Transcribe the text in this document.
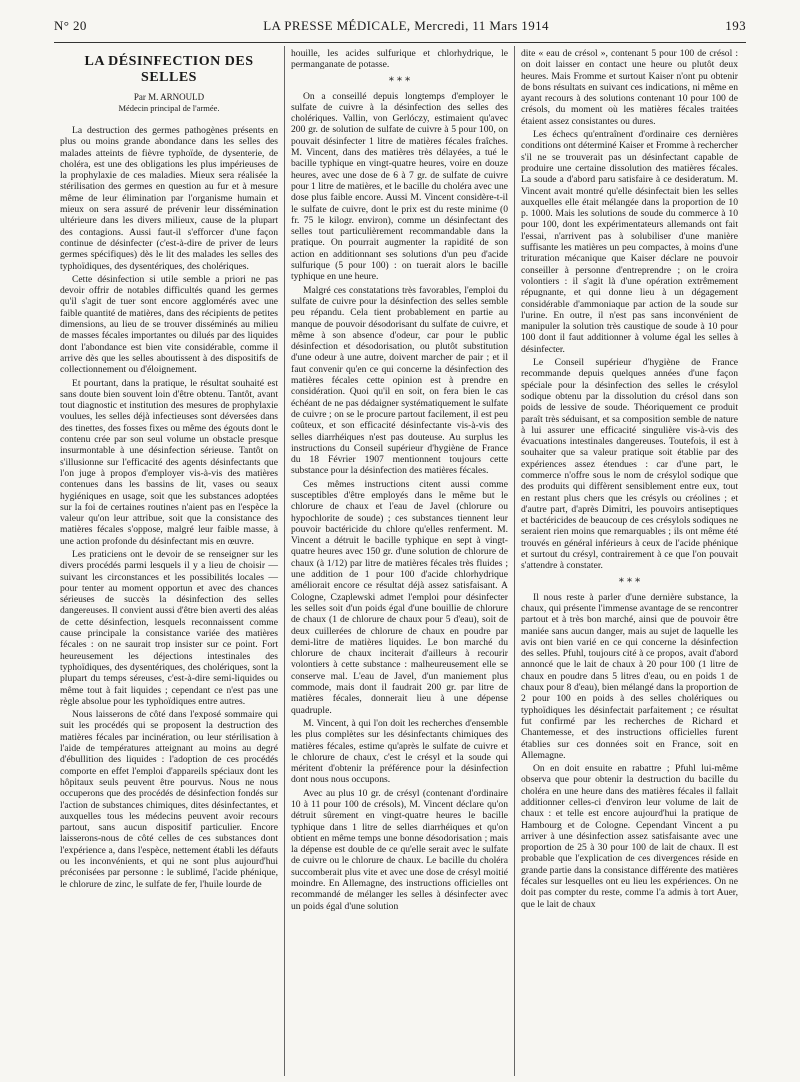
N° 20	LA PRESSE MÉDICALE, Mercredi, 11 Mars 1914	193
LA DÉSINFECTION DES SELLES
Par M. ARNOULD
Médecin principal de l'armée.

La destruction des germes pathogènes présents en plus ou moins grande abondance dans les selles des malades atteints de fièvre typhoïde, de dysenterie, de choléra, est une des obligations les plus impérieuses de la prophylaxie de ces maladies. Mieux sera réalisée la stérilisation des germes en question au fur et à mesure même de leur élimination par l'organisme humain et mieux on sera assuré de prévenir leur dissémination ultérieure dans les divers milieux, cause de la plupart des contagions. Aussi faut-il s'efforcer d'une façon continue de désinfecter (c'est-à-dire de priver de leurs germes spécifiques) dès le lit des malades les selles des typhoïdiques, des dysentériques, des cholériques.

Cette désinfection si utile semble a priori ne pas devoir offrir de notables difficultés quand les germes qu'il s'agit de tuer sont encore agglomérés avec une faible quantité de matières, dans des récipients de petites dimensions, au lieu de se trouver disséminés au milieu de masses fécales importantes ou dilués par des liquides dont l'abondance est bien vite considérable, comme il arrive dès que les selles aboutissent à des dispositifs de collectionnement ou d'éloignement.

Et pourtant, dans la pratique, le résultat souhaité est sans doute bien souvent loin d'être obtenu. Tantôt, avant tout diagnostic et institution des mesures de prophylaxie voulues, les selles déjà infectieuses sont déversées dans des tinettes, des fosses fixes ou même des égouts dont le contenu crée par son seul volume un obstacle presque insurmontable à une désinfection sérieuse. Tantôt on s'illusionne sur l'efficacité des agents désinfectants que l'on juge à propos d'employer vis-à-vis des matières contenues dans les bassins de lit, vases ou seaux hygiéniques en usage, soit que les substances adoptées sur la foi de certaines routines n'aient pas en l'espèce la valeur qu'on leur attribue, soit que la consistance des matières fécales s'oppose, malgré leur faible masse, à une action profonde du désinfectant mis en œuvre.

Les praticiens ont le devoir de se renseigner sur les divers procédés parmi lesquels il y a lieu de choisir — suivant les circonstances et les possibilités locales — pour tenter au moment opportun et avec des chances sérieuses de succès la désinfection des selles dangereuses. Il convient aussi d'être bien averti des aléas de cette désinfection, lesquels reconnaissent comme cause principale la consistance variée des matières fécales : on ne saurait trop insister sur ce point. Fort heureusement les déjections intestinales des typhoïdiques, des dysentériques, des cholériques, sont la plupart du temps séreuses, c'est-à-dire semi-liquides ou même tout à fait liquides ; cependant ce n'est pas une règle absolue pour les typhoïdiques entre autres.

Nous laisserons de côté dans l'exposé sommaire qui suit les procédés qui se proposent la destruction des matières fécales par incinération, ou leur stérilisation à l'aide de températures atteignant au moins au degré d'ébullition des liquides : l'adoption de ces procédés comporte en effet l'emploi d'appareils spéciaux dont les hôpitaux seuls peuvent être pourvus. Nous ne nous occuperons que des procédés de désinfection fondés sur l'action de substances chimiques, dites désinfectantes, et auxquelles tous les médecins peuvent avoir recours partout, sans aucun dispositif particulier. Encore laisserons-nous de côté celles de ces substances dont l'expérience a, dans l'espèce, nettement établi les défauts ou les inconvénients, et qui ne sont plus aujourd'hui préconisées par personne : le sublimé, l'acide phénique, le chlorure de zinc, le sulfate de fer, l'huile lourde de

houille, les acides sulfurique et chlorhydrique, le permanganate de potasse.

* * *

On a conseillé depuis longtemps d'employer le sulfate de cuivre à la désinfection des selles des cholériques. Vallin, von Gerlóczy, estimaient qu'avec 200 gr. de solution de sulfate de cuivre à 5 pour 100, on pouvait désinfecter 1 litre de matières fécales fraîches. M. Vincent, dans des matières très délayées, a tué le bacille typhique en vingt-quatre heures, voire en douze heures, avec une dose de 6 à 7 gr. de sulfate de cuivre pour 1 litre de matières, et le bacille du choléra avec une dose plus faible encore. Aussi M. Vincent considère-t-il le sulfate de cuivre, dont le prix est du reste minime (0 fr. 75 le kilogr. environ), comme un désinfectant des selles tout particulièrement recommandable dans la pratique. On pourrait augmenter la rapidité de son action en additionnant ses solutions d'un peu d'acide sulfurique (5 pour 100) : on tuerait alors le bacille typhique en une heure.

Malgré ces constatations très favorables, l'emploi du sulfate de cuivre pour la désinfection des selles semble peu répandu. Cela tient probablement en partie au manque de pouvoir désodorisant du sulfate de cuivre, et même à son absence d'odeur, car pour le public désinfection et désodorisation, ou plutôt substitution d'une odeur à une autre, doivent marcher de pair ; et il faut convenir qu'en ce qui concerne la désinfection des matières fécales cette opinion est à prendre en considération. Quoi qu'il en soit, on fera bien le cas échéant de ne pas dédaigner systématiquement le sulfate de cuivre ; on se le procure partout facilement, il est peu coûteux, et son efficacité désinfectante vis-à-vis des selles diarrhéiques n'est pas douteuse. Au surplus les instructions du Conseil supérieur d'hygiène de France du 18 Février 1907 mentionnent toujours cette substance pour la désinfection des matières fécales.

Ces mêmes instructions citent aussi comme susceptibles d'être employés dans le même but le chlorure de chaux et l'eau de Javel (chlorure ou hypochlorite de soude) ; ces substances tiennent leur pouvoir bactéricide du chlore qu'elles renferment. M. Vincent a détruit le bacille typhique en sept à vingt-quatre heures avec 150 gr. d'une solution de chlorure de chaux (à 1/12) par litre de matières fécales très fluides ; une addition de 1 pour 100 d'acide chlorhydrique améliorait encore ce résultat déjà assez satisfaisant. A Cologne, Czaplewski admet l'emploi pour désinfecter les selles soit d'un poids égal d'une bouillie de chlorure de chaux (1 de chlorure de chaux pour 5 d'eau), soit de deux cuillerées de chlorure de chaux en poudre par demi-litre de matières liquides. Le bon marché du chlorure de chaux inciterait d'ailleurs à recourir volontiers à cette substance : malheureusement elle se conserve mal. L'eau de Javel, d'un maniement plus commode, mais dont il faudrait 200 gr. par litre de matières fécales, donnerait lieu à une dépense quadruple.

M. Vincent, à qui l'on doit les recherches d'ensemble les plus complètes sur les désinfectants chimiques des matières fécales, estime qu'après le sulfate de cuivre et le chlorure de chaux, c'est le crésyl et la soude qui méritent d'obtenir la préférence pour la désinfection dont nous nous occupons.

Avec au plus 10 gr. de crésyl (contenant d'ordinaire 10 à 11 pour 100 de crésols), M. Vincent déclare qu'on détruit sûrement en vingt-quatre heures le bacille typhique dans 1 litre de selles diarrhéiques et qu'on obtient en même temps une bonne désodorisation ; mais la dépense est double de ce qu'elle serait avec le sulfate de cuivre ou le chlorure de chaux. Le bacille du choléra succomberait plus vite et avec une dose de crésyl moitié moindre. En Allemagne, des instructions officielles ont recommandé de mélanger les selles à désinfecter avec un poids égal d'une solution

dite « eau de crésol », contenant 5 pour 100 de crésol : on doit laisser en contact une heure ou plutôt deux heures. Mais Fromme et surtout Kaiser n'ont pu obtenir de bons résultats en suivant ces indications, ni même en ayant recours à des solutions contenant 10 pour 100 de crésols, du moment où les matières fécales traitées étaient assez consistantes ou dures.

Les échecs qu'entraînent d'ordinaire ces dernières conditions ont déterminé Kaiser et Fromme à rechercher s'il ne se trouverait pas un désinfectant capable de produire une certaine dissolution des matières fécales. La soude a d'abord paru satisfaire à ce desideratum. M. Vincent avait montré qu'elle désinfectait bien les selles auxquelles elle était mélangée dans la proportion de 10 p. 1000. Mais les solutions de soude du commerce à 10 pour 100, dont les expérimentateurs allemands ont fait l'essai, n'arrivent pas à solubiliser d'une manière suffisante les matières un peu compactes, à moins d'une trituration mécanique que Kaiser déclare ne pouvoir conseiller à personne d'entreprendre ; on le croira volontiers : il s'agit là d'une opération extrêmement répugnante, et qui donne lieu à un dégagement considérable d'ammoniaque par action de la soude sur l'urine. En outre, il n'est pas sans inconvénient de manipuler la solution très caustique de soude à 10 pour 100 dont il faut additionner à volume égal les selles à désinfecter.

Le Conseil supérieur d'hygiène de France recommande depuis quelques années d'une façon spéciale pour la désinfection des selles le crésylol sodique obtenu par la dissolution du crésol dans son poids de lessive de soude. Théoriquement ce produit paraît très séduisant, et sa composition semble de nature à lui assurer une efficacité singulière vis-à-vis des évacuations intestinales dangereuses. Toutefois, il est à souhaiter que sa valeur pratique soit établie par des expériences assez étendues : car d'une part, le commerce n'offre sous le nom de crésylol sodique que des produits qui diffèrent sensiblement entre eux, tout en restant plus chers que les crésyls ou créolines ; et d'autre part, d'après Dimitri, les pouvoirs antiseptiques et bactéricides de beaucoup de ces crésylols sodiques ne seraient rien moins que remarquables ; ils ont même été trouvés en général inférieurs à ceux de l'acide phénique et surtout du crésyl, contrairement à ce que l'on pouvait s'attendre à constater.

* * *

Il nous reste à parler d'une dernière substance, la chaux, qui présente l'immense avantage de se rencontrer partout et à très bon marché, ainsi que de pouvoir être maniée sans aucun danger, mais au sujet de laquelle les avis ont bien varié en ce qui concerne la désinfection des selles. Pfuhl, toujours cité à ce propos, avait d'abord annoncé que le lait de chaux à 20 pour 100 (1 litre de chaux en poudre dans 5 litres d'eau, ou en poids 1 de chaux pour 8 d'eau), bien mélangé dans la proportion de 2 pour 100 en poids à des selles cholériques ou typhoïdiques les désinfectait parfaitement ; ce résultat fut confirmé par les recherches de Richard et Chantemesse, et des instructions officielles furent établies sur ces données soit en France, soit en Allemagne.

On en doit ensuite en rabattre ; Pfuhl lui-même observa que pour obtenir la destruction du bacille du choléra en une heure dans des matières fécales il fallait additionner celles-ci d'environ leur volume de lait de chaux : et telle est encore aujourd'hui la pratique de Hambourg et de Cologne. Cependant Vincent a pu arriver à une désinfection assez satisfaisante avec une proportion de 25 à 30 pour 100 de lait de chaux. Il est probable que l'explication de ces divergences réside en grande partie dans la consistance différente des matières fécales sur lesquelles ont eu lieu les expériences. On ne doit pas compter du reste, comme l'a admis à tort Auer, que le lait de chaux
